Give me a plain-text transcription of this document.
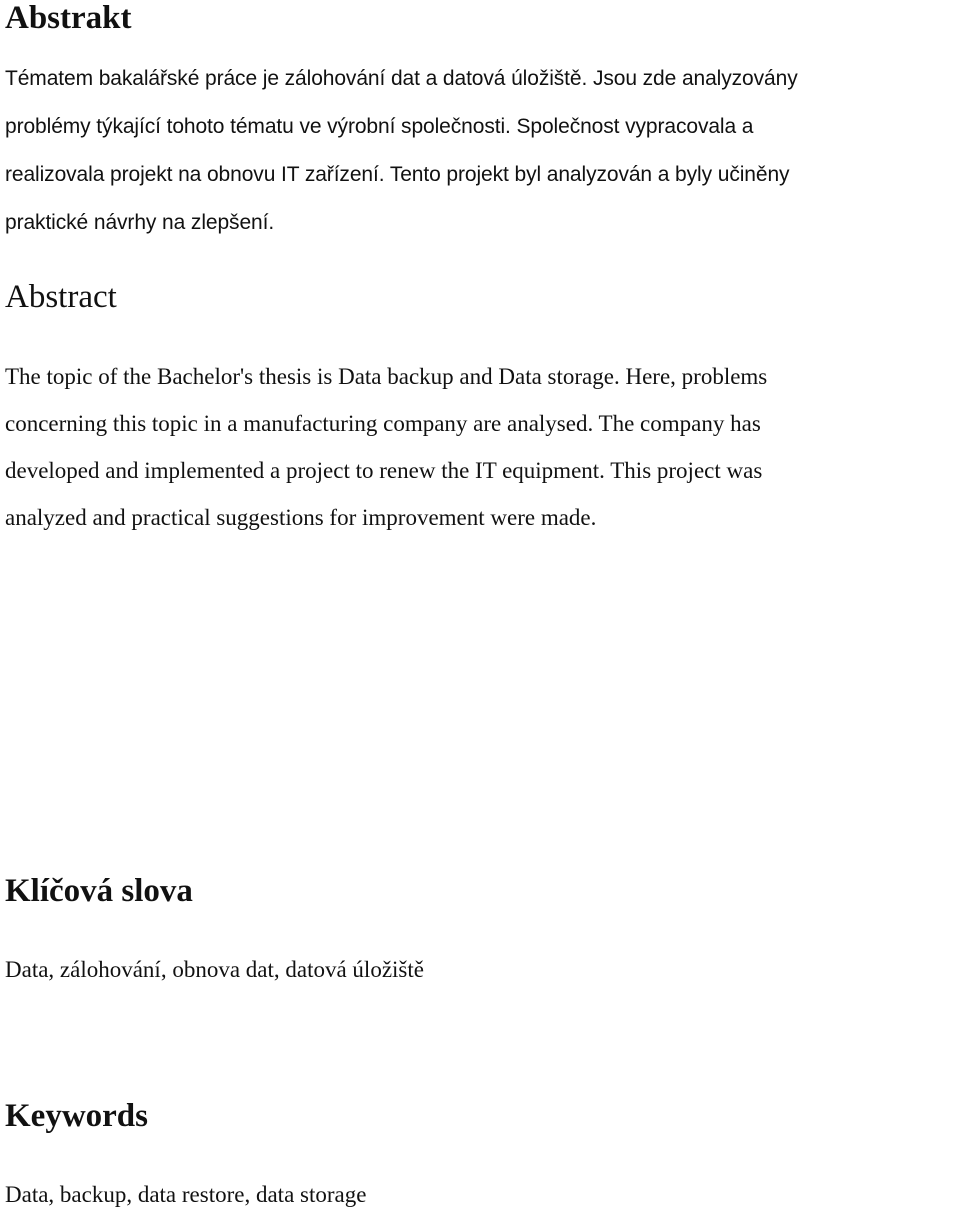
Abstrakt
Tématem bakalářské práce je zálohování dat a datová úložiště. Jsou zde analyzovány
problémy týkající tohoto tématu ve výrobní společnosti. Společnost vypracovala a
realizovala projekt na obnovu IT zařízení. Tento projekt byl analyzován a byly učiněny
praktické návrhy na zlepšení.
Abstract
The topic of the Bachelor's thesis is Data backup and Data storage. Here, problems
concerning this topic in a manufacturing company are analysed. The company has
developed and implemented a project to renew the IT equipment. This project was
analyzed and practical suggestions for improvement were made.
Klíčová slova

Data, zálohování, obnova dat, datová úložiště

Keywords

Data, backup, data restore, data storage
